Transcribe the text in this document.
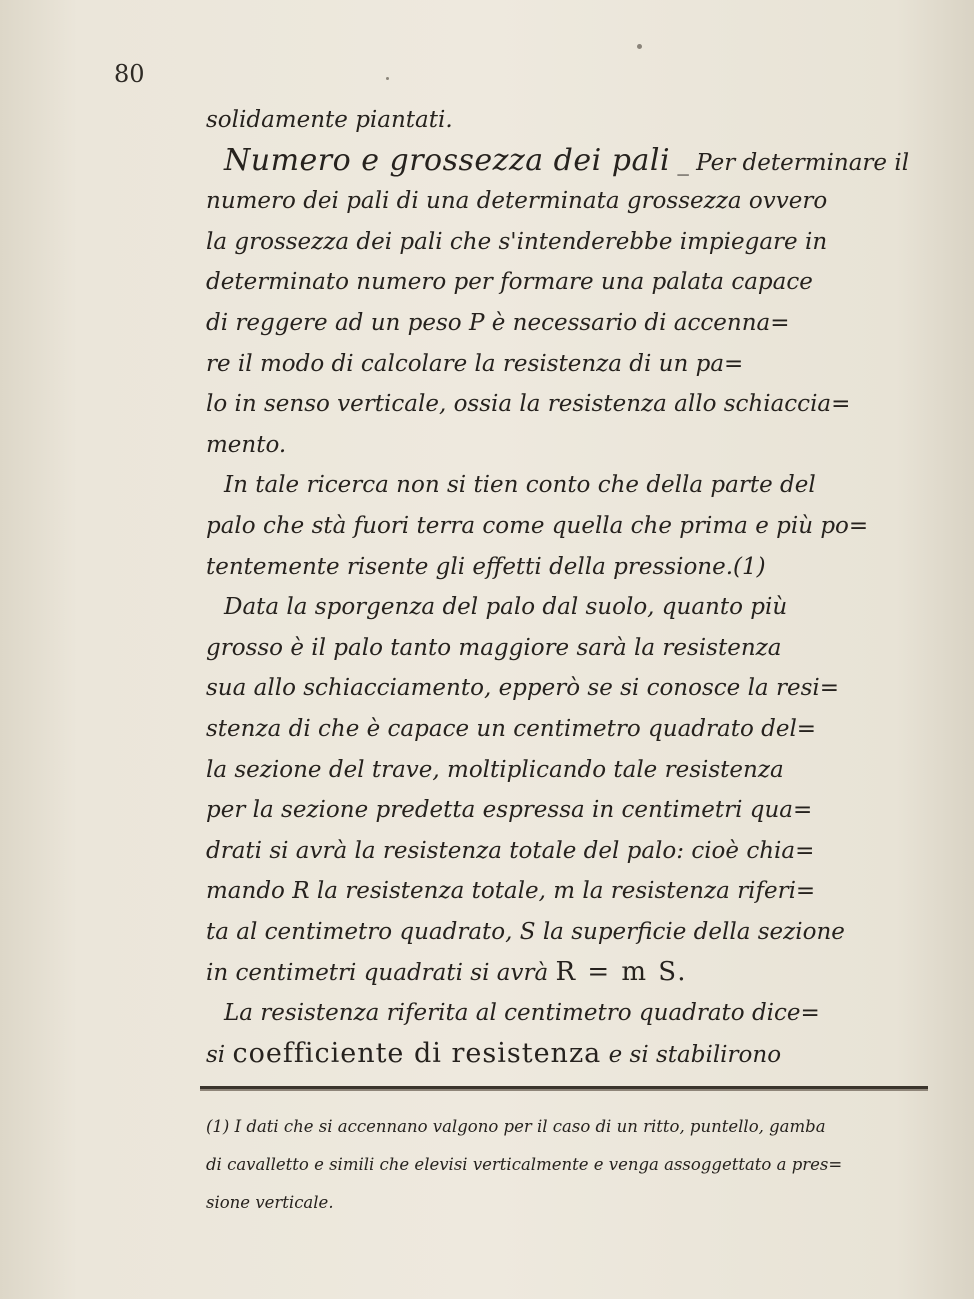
80
solidamente piantati.
Numero e grossezza dei pali _ Per determinare il
numero dei pali di una determinata grossezza ovvero
la grossezza dei pali che s'intenderebbe impiegare in
determinato numero per formare una palata capace
di reggere ad un peso P è necessario di accenna=
re il modo di calcolare la resistenza di un pa=
lo in senso verticale, ossia la resistenza allo schiaccia=
mento.
In tale ricerca non si tien conto che della parte del
palo che stà fuori terra come quella che prima e più po=
tentemente risente gli effetti della pressione.(1)
Data la sporgenza del palo dal suolo, quanto più
grosso è il palo tanto maggiore sarà la resistenza
sua allo schiacciamento, epperò se si conosce la resi=
stenza di che è capace un centimetro quadrato del=
la sezione del trave, moltiplicando tale resistenza
per la sezione predetta espressa in centimetri qua=
drati si avrà la resistenza totale del palo: cioè chia=
mando R la resistenza totale, m la resistenza riferi=
ta al centimetro quadrato, S la superficie della sezione
in centimetri quadrati si avrà R = m S.
La resistenza riferita al centimetro quadrato dice=
si coefficiente di resistenza e si stabilirono
(1) I dati che si accennano valgono per il caso di un ritto, puntello, gamba
di cavalletto e simili che elevisi verticalmente e venga assoggettato a pres=
sione verticale.
